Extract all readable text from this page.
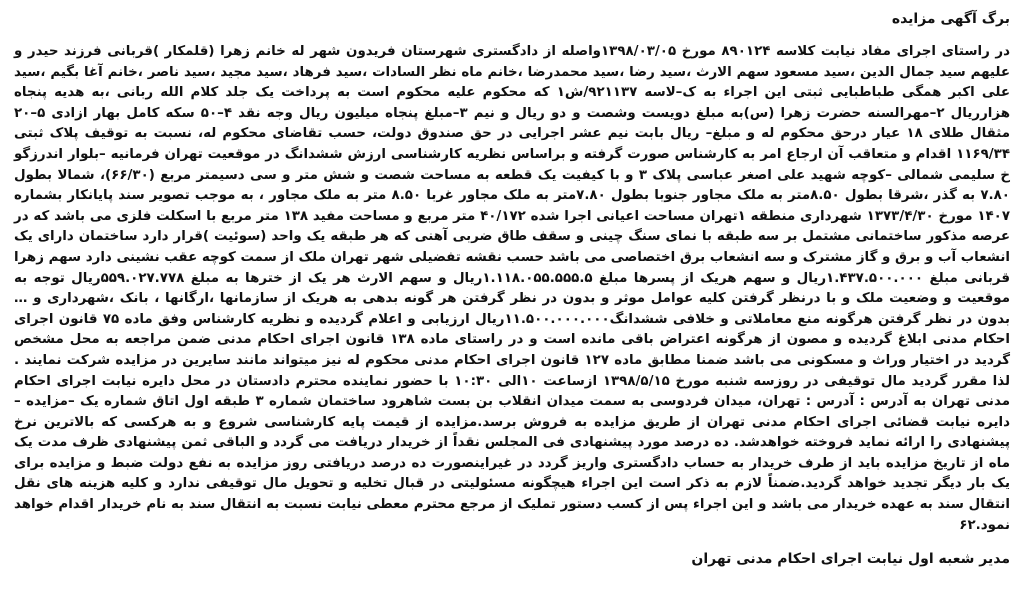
برگ آگهی مزایده

در راستای اجرای مفاد نیابت کلاسه ۸۹۰۱۲۴ مورخ ۱۳۹۸/۰۳/۰۵واصله از دادگستری شهرستان فریدون شهر له خانم زهرا (قلمکار )قربانی فرزند حیدر و علیهم سید جمال الدین ،سید مسعود سهم الارث ،سید رضا ،سید محمدرضا ،خانم ماه نظر السادات ،سید فرهاد ،سید مجید ،سید ناصر ،خانم آغا بگیم ،سید علی اکبر همگی طباطبایی ثبتی این اجراء به ک–لاسه ۹۲۱۱۳۷/ش۱ که محکوم علیه محکوم است به پرداخت یک جلد کلام الله ربانی ،به هدیه پنجاه هزارریال ۲–مهرالسنه حضرت زهرا (س)به مبلغ دویست وشصت و دو ریال و نیم ۳–مبلغ پنجاه میلیون ریال وجه نقد ۴–۵۰ سکه کامل بهار ازادی ۵–۲۰ مثقال طلای ۱۸ عیار درحق محکوم له و مبلغ– ریال بابت نیم عشر اجرایی در حق صندوق دولت، حسب تقاضای محکوم له، نسبت به توقیف پلاک ثبتی ۱۱۶۹/۳۴ اقدام و متعاقب آن ارجاع امر به کارشناس صورت گرفته و براساس نظریه کارشناسی ارزش ششدانگ در موقعیت تهران فرمانیه –بلوار اندرزگو خ سلیمی شمالی –کوچه شهید علی اصغر عباسی پلاک ۳ و با کیفیت یک قطعه به مساحت شصت و شش متر و سی دسیمتر مربع (۶۶/۳۰)، شمالا بطول ۷.۸۰ به گذر ،شرقا بطول ۸.۵۰متر به ملک مجاور جنوبا بطول ۷.۸۰متر به ملک مجاور غربا ۸.۵۰ متر به ملک مجاور ، به موجب تصویر سند پایانکار بشماره ۱۴۰۷ مورخ ۱۳۷۳/۴/۳۰ شهرداری منطقه ۱تهران مساحت اعیانی اجرا شده ۴۰/۱۷۲ متر مربع و مساحت مفید ۱۳۸ متر مربع با اسکلت فلزی می باشد که در عرصه مذکور ساختمانی مشتمل بر سه طبقه با نمای سنگ چینی و سقف طاق ضربی آهنی که هر طبقه یک واحد (سوئیت )قرار دارد ساختمان دارای یک انشعاب آب و برق و گاز مشترک و سه انشعاب برق اختصاصی می باشد حسب نقشه تفضیلی شهر تهران ملک از سمت کوچه عقب نشینی دارد سهم زهرا قربانی مبلغ ۱.۴۳۷.۵۰۰.۰۰۰ریال و سهم هریک از پسرها مبلغ ۱.۱۱۸.۰۵۵.۵۵۵.۵ریال و سهم الارث هر یک از خترها به مبلغ ۵۵۹.۰۲۷.۷۷۸ریال توجه به موقعیت و وضعیت ملک و با درنظر گرفتن کلیه عوامل موثر و بدون در نظر گرفتن هر گونه بدهی به هریک از سازمانها ،ارگانها ، بانک ،شهرداری و … بدون در نظر گرفتن هرگونه منع معاملاتی و خلافی ششدانگ۱۱.۵۰۰.۰۰۰.۰۰۰ریال ارزیابی و اعلام گردیده و نظریه کارشناس وفق ماده ۷۵ قانون اجرای احکام مدنی ابلاغ گردیده و مصون از هرگونه اعتراض باقی مانده است و در راستای ماده ۱۳۸ قانون اجرای احکام مدنی ضمن مراجعه به محل مشخص گردید در اختیار وراث و مسکونی می باشد ضمنا مطابق ماده ۱۲۷ قانون اجرای احکام مدنی محکوم له نیز میتواند مانند سایرین در مزایده شرکت نمایند . لذا مقرر گردید مال توقیفی در روزسه شنبه مورخ ۱۳۹۸/۵/۱۵ ازساعت ۱۰الی ۱۰:۳۰ با حضور نماینده محترم دادستان در محل دایره نیابت اجرای احکام مدنی تهران به آدرس : آدرس : تهران، میدان فردوسی به سمت میدان انقلاب بن بست شاهرود ساختمان شماره ۳ طبقه اول اتاق شماره یک –مزایده – دایره نیابت قضائی اجرای احکام مدنی تهران از طریق مزایده به فروش برسد.مزایده از قیمت پایه کارشناسی شروع و به هرکسی که بالاترین نرخ پیشنهادی را ارائه نماید فروخته خواهدشد. ده درصد مورد پیشنهادی فی المجلس نقداً از خریدار دریافت می گردد و الباقی ثمن پیشنهادی ظرف مدت یک ماه از تاریخ مزایده باید از طرف خریدار به حساب دادگستری واریز گردد در غیراینصورت ده درصد دریافتی روز مزایده به نفع دولت ضبط و مزایده برای یک بار دیگر تجدید خواهد گردید.ضمناً لازم به ذکر است این اجراء هیچگونه مسئولیتی در قبال تخلیه و تحویل مال توقیفی ندارد و کلیه هزینه های نقل انتقال سند به عهده خریدار می باشد و این اجراء پس از کسب دستور تملیک از مرجع محترم معطی نیابت نسبت به انتقال سند به نام خریدار اقدام خواهد نمود.۶۲

مدیر شعبه اول نیابت اجرای احکام مدنی تهران
